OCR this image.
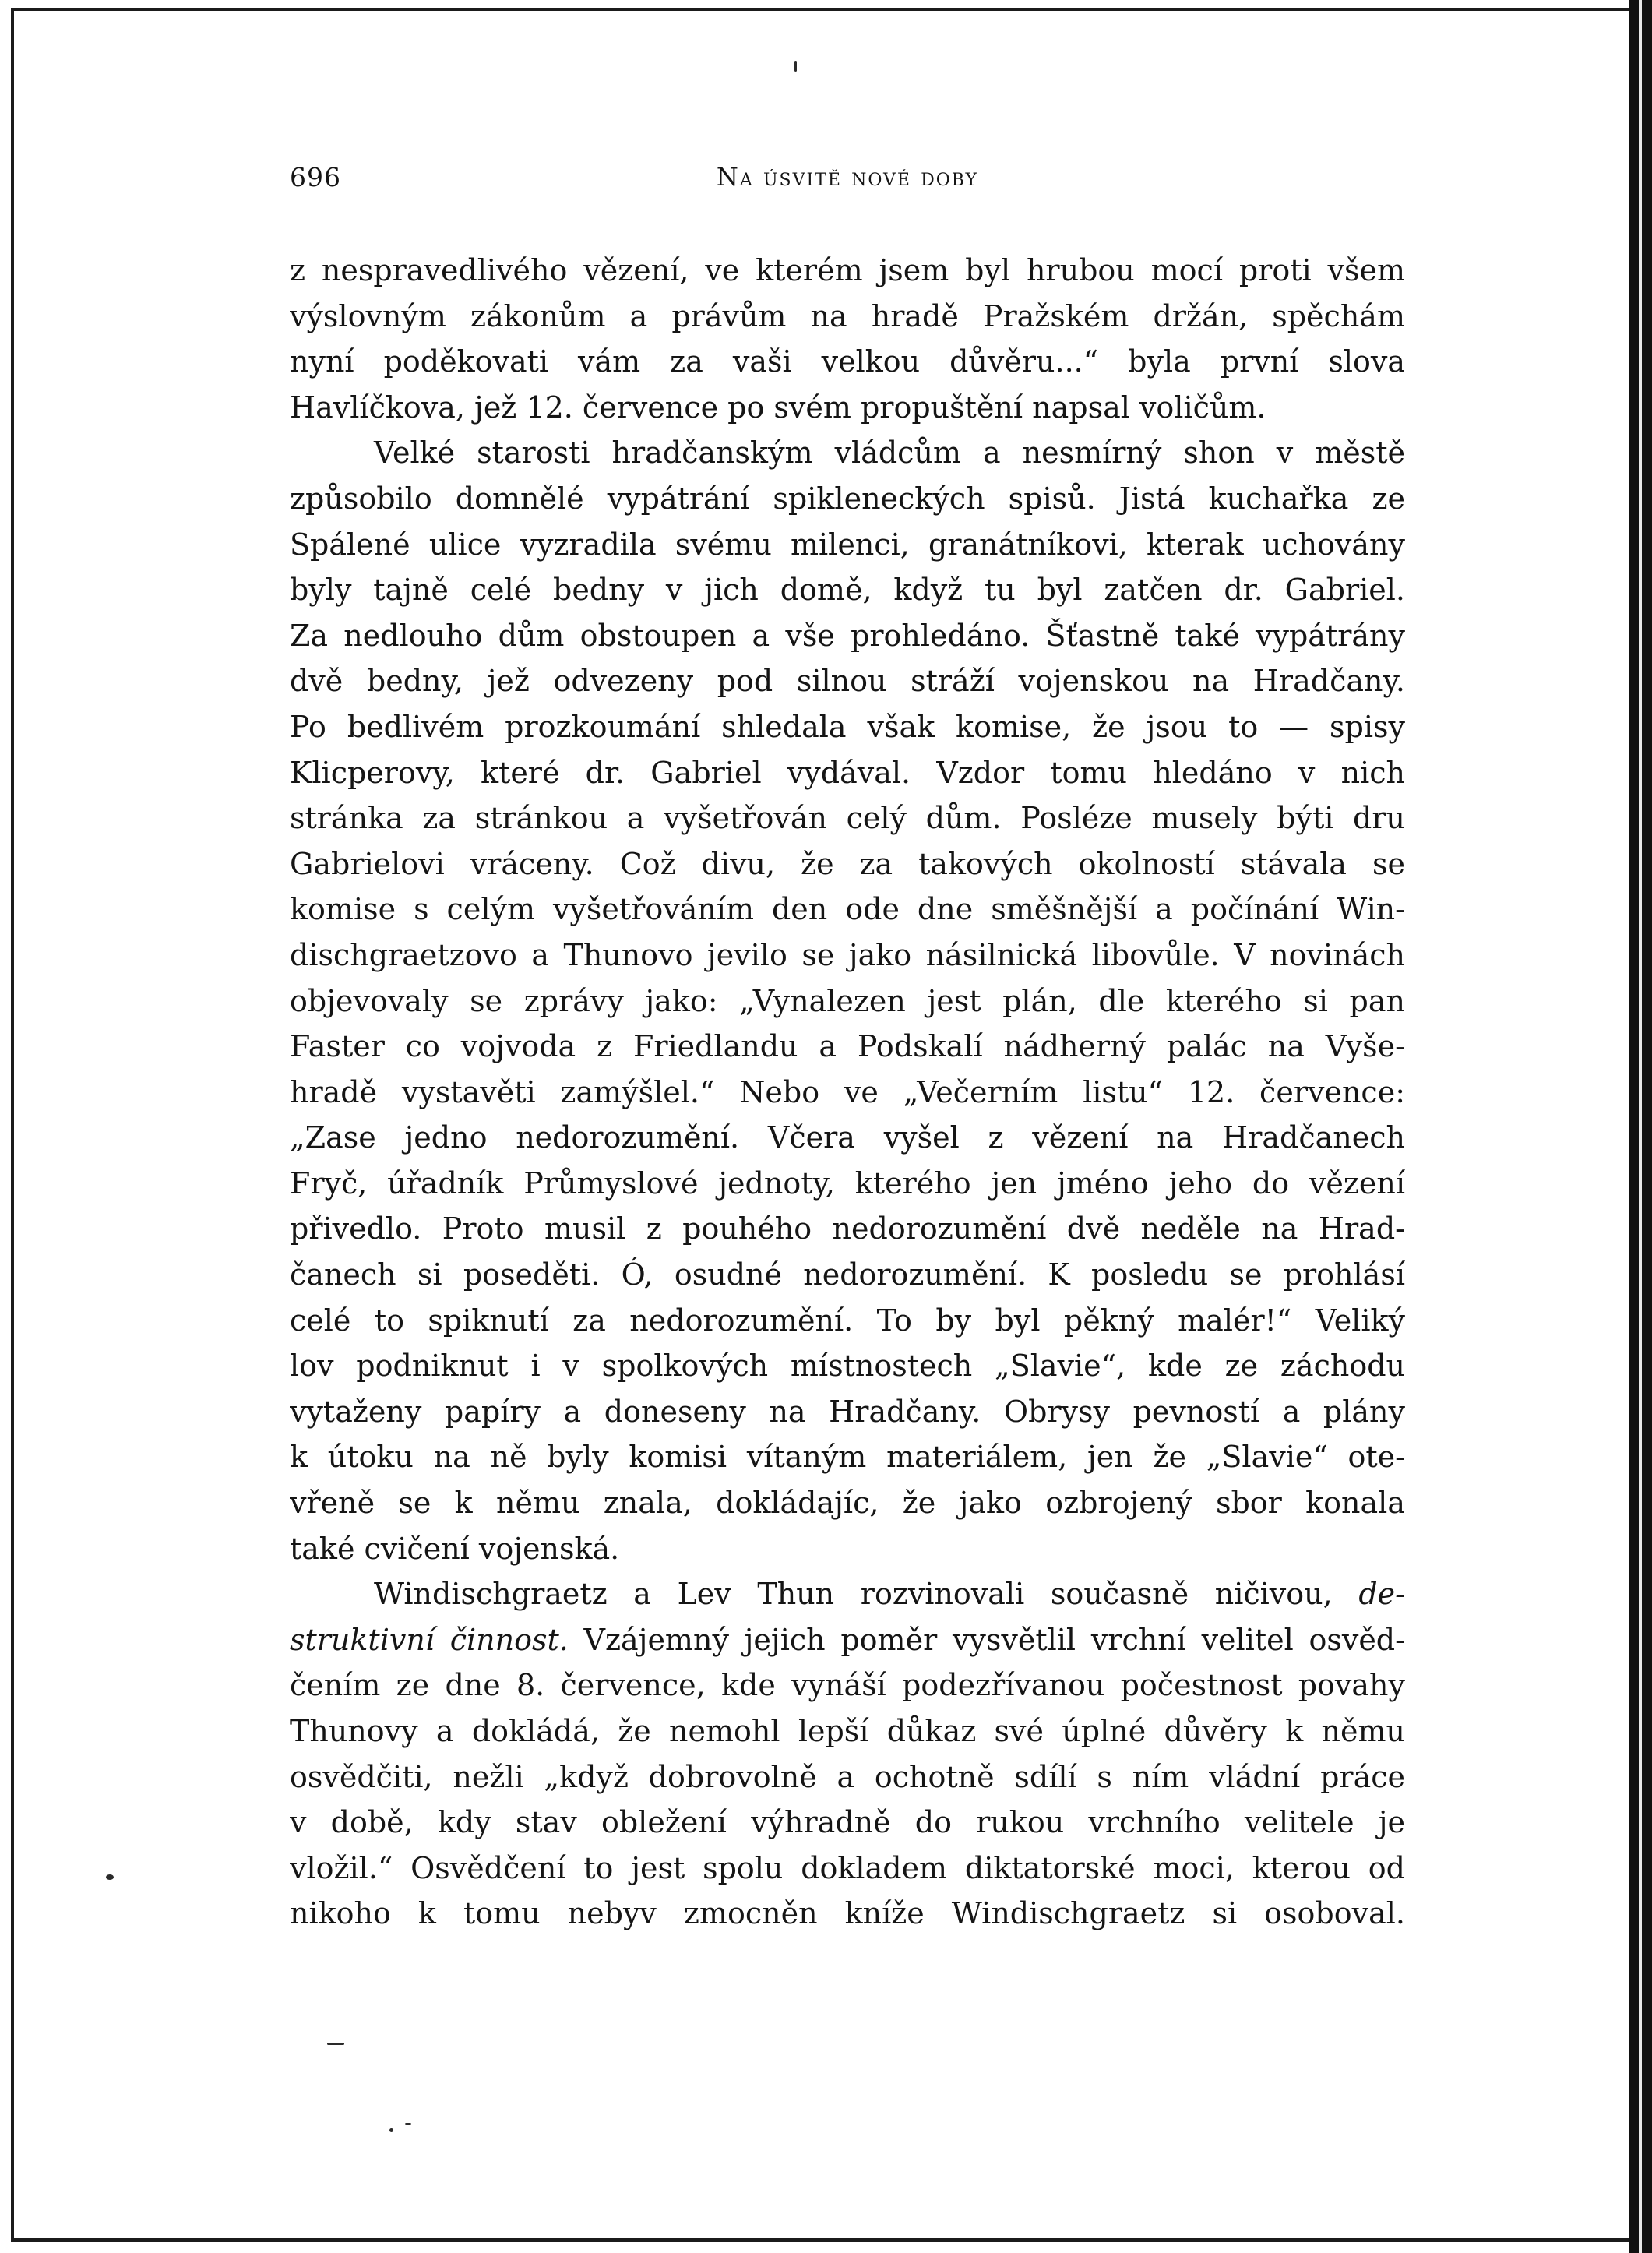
696	Na úsvitě nové doby
z nespravedlivého vězení, ve kterém jsem byl hrubou mocí proti všem
výslovným zákonům a právům na hradě Pražském držán, spěchám
nyní poděkovati vám za vaši velkou důvěru...“ byla první slova
Havlíčkova, jež 12. července po svém propuštění napsal voličům.
Velké starosti hradčanským vládcům a nesmírný shon v městě
způsobilo domnělé vypátrání spikleneckých spisů. Jistá kuchařka ze
Spálené ulice vyzradila svému milenci, granátníkovi, kterak uchovány
byly tajně celé bedny v jich domě, když tu byl zatčen dr. Gabriel.
Za nedlouho dům obstoupen a vše prohledáno. Šťastně také vypátrány
dvě bedny, jež odvezeny pod silnou stráží vojenskou na Hradčany.
Po bedlivém prozkoumání shledala však komise, že jsou to — spisy
Klicperovy, které dr. Gabriel vydával. Vzdor tomu hledáno v nich
stránka za stránkou a vyšetřován celý dům. Posléze musely býti dru
Gabrielovi vráceny. Což divu, že za takových okolností stávala se
komise s celým vyšetřováním den ode dne směšnější a počínání Win-
dischgraetzovo a Thunovo jevilo se jako násilnická libovůle. V novinách
objevovaly se zprávy jako: „Vynalezen jest plán, dle kterého si pan
Faster co vojvoda z Friedlandu a Podskalí nádherný palác na Vyše-
hradě vystavěti zamýšlel.“ Nebo ve „Večerním listu“ 12. července:
„Zase jedno nedorozumění. Včera vyšel z vězení na Hradčanech
Fryč, úřadník Průmyslové jednoty, kterého jen jméno jeho do vězení
přivedlo. Proto musil z pouhého nedorozumění dvě neděle na Hrad-
čanech si poseděti. Ó, osudné nedorozumění. K posledu se prohlásí
celé to spiknutí za nedorozumění. To by byl pěkný malér!“ Veliký
lov podniknut i v spolkových místnostech „Slavie“, kde ze záchodu
vytaženy papíry a doneseny na Hradčany. Obrysy pevností a plány
k útoku na ně byly komisi vítaným materiálem, jen že „Slavie“ ote-
vřeně se k němu znala, dokládajíc, že jako ozbrojený sbor konala
také cvičení vojenská.
Windischgraetz a Lev Thun rozvinovali současně ničivou, de-
struktivní činnost. Vzájemný jejich poměr vysvětlil vrchní velitel osvěd-
čením ze dne 8. července, kde vynáší podezřívanou počestnost povahy
Thunovy a dokládá, že nemohl lepší důkaz své úplné důvěry k němu
osvědčiti, nežli „když dobrovolně a ochotně sdílí s ním vládní práce
v době, kdy stav obležení výhradně do rukou vrchního velitele je
vložil.“ Osvědčení to jest spolu dokladem diktatorské moci, kterou od
nikoho k tomu nebyv zmocněn kníže Windischgraetz si osoboval.
